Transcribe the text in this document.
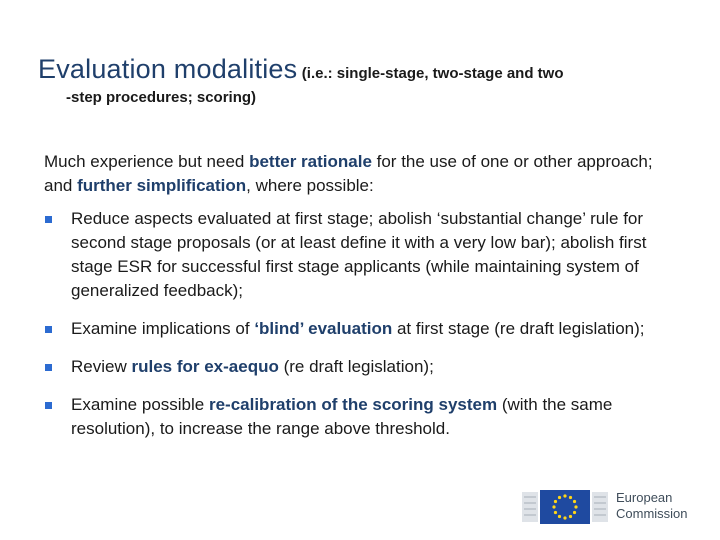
Evaluation modalities (i.e.: single-stage, two-stage and two
-step procedures; scoring)
Much experience but need better rationale for the use of one or other approach; and further simplification, where possible:
Reduce aspects evaluated at first stage; abolish ‘substantial change’ rule for second stage proposals (or at least define it with a very low bar); abolish first stage ESR for successful first stage applicants (while maintaining system of generalized feedback);
Examine implications of ‘blind’ evaluation at first stage (re draft legislation);
Review rules for ex-aequo (re draft legislation);
Examine possible re-calibration of the scoring system (with the same resolution), to increase the range above threshold.
European
Commission
